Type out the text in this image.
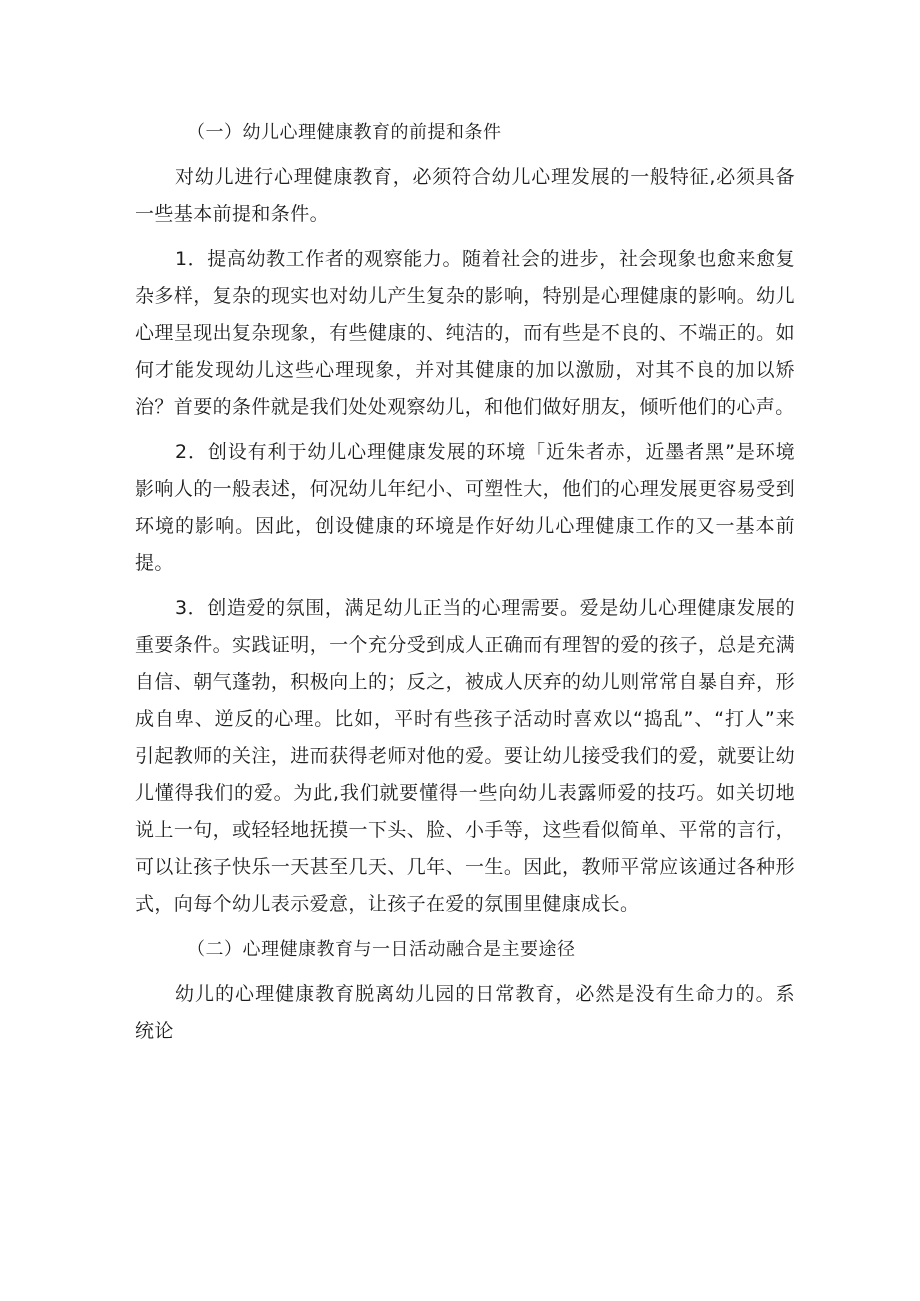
（一）幼儿心理健康教育的前提和条件

对幼儿进行心理健康教育，必须符合幼儿心理发展的一般特征,必须具备一些基本前提和条件。

1．提高幼教工作者的观察能力。随着社会的进步，社会现象也愈来愈复杂多样，复杂的现实也对幼儿产生复杂的影响，特别是心理健康的影响。幼儿心理呈现出复杂现象，有些健康的、纯洁的，而有些是不良的、不端正的。如何才能发现幼儿这些心理现象，并对其健康的加以激励，对其不良的加以矫治？首要的条件就是我们处处观察幼儿，和他们做好朋友，倾听他们的心声。

2．创设有利于幼儿心理健康发展的环境「近朱者赤，近墨者黑”是环境影响人的一般表述，何况幼儿年纪小、可塑性大，他们的心理发展更容易受到环境的影响。因此，创设健康的环境是作好幼儿心理健康工作的又一基本前提。

3．创造爱的氛围，满足幼儿正当的心理需要。爱是幼儿心理健康发展的重要条件。实践证明，一个充分受到成人正确而有理智的爱的孩子，总是充满自信、朝气蓬勃，积极向上的；反之，被成人厌弃的幼儿则常常自暴自弃，形成自卑、逆反的心理。比如，平时有些孩子活动时喜欢以“捣乱”、“打人”来引起教师的关注，进而获得老师对他的爱。要让幼儿接受我们的爱，就要让幼儿懂得我们的爱。为此,我们就要懂得一些向幼儿表露师爱的技巧。如关切地说上一句，或轻轻地抚摸一下头、脸、小手等，这些看似简单、平常的言行，可以让孩子快乐一天甚至几天、几年、一生。因此，教师平常应该通过各种形式，向每个幼儿表示爱意，让孩子在爱的氛围里健康成长。

（二）心理健康教育与一日活动融合是主要途径

幼儿的心理健康教育脱离幼儿园的日常教育，必然是没有生命力的。系统论
